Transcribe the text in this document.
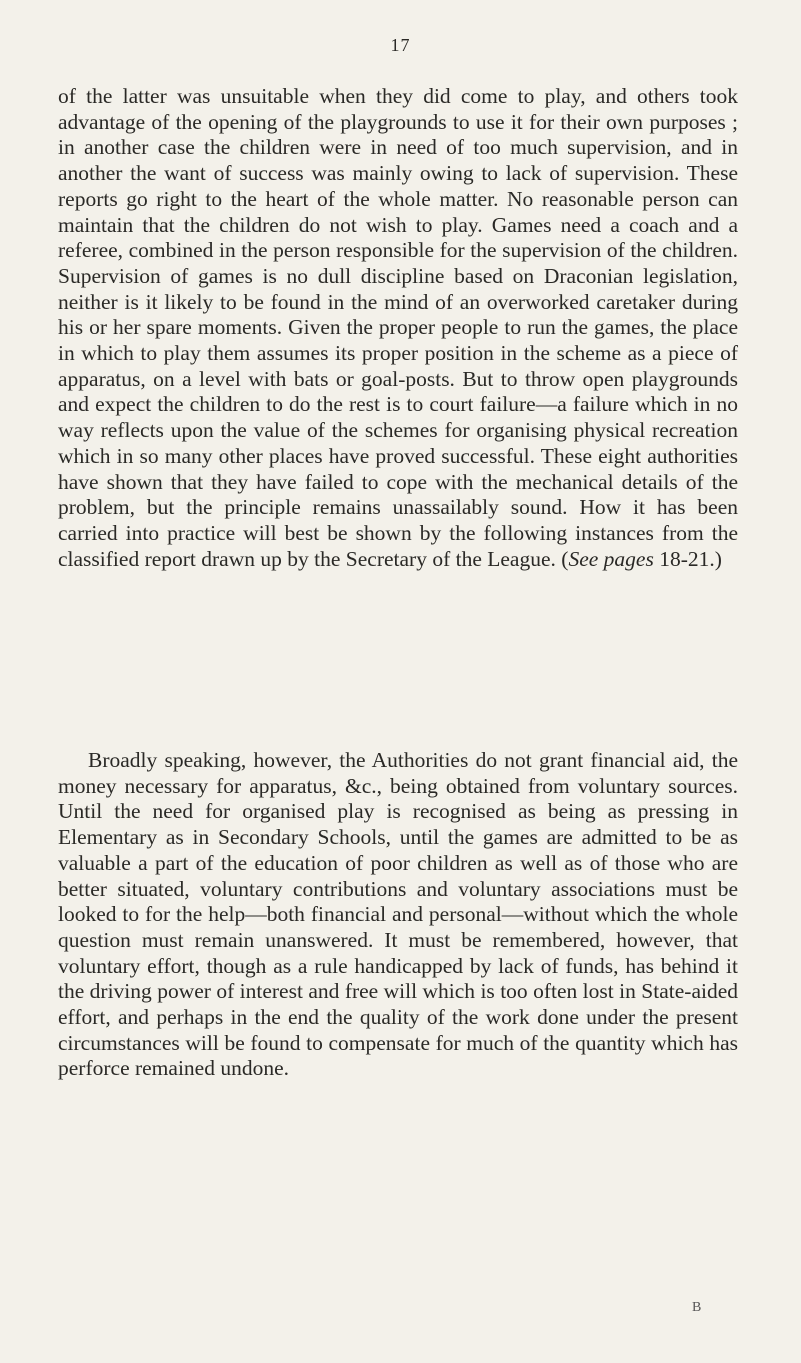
17

of the latter was unsuitable when they did come to play, and others took advantage of the opening of the playgrounds to use it for their own purposes ; in another case the children were in need of too much supervision, and in another the want of success was mainly owing to lack of supervision. These reports go right to the heart of the whole matter. No reasonable person can maintain that the children do not wish to play. Games need a coach and a referee, combined in the person responsible for the supervision of the children. Supervision of games is no dull discipline based on Draconian legislation, neither is it likely to be found in the mind of an overworked caretaker during his or her spare moments. Given the proper people to run the games, the place in which to play them assumes its proper position in the scheme as a piece of apparatus, on a level with bats or goal-posts. But to throw open playgrounds and expect the children to do the rest is to court failure—a failure which in no way reflects upon the value of the schemes for organising physical recreation which in so many other places have proved successful. These eight authorities have shown that they have failed to cope with the mechanical details of the problem, but the principle remains unassailably sound. How it has been carried into practice will best be shown by the following instances from the classified report drawn up by the Secretary of the League. (See pages 18-21.)

Broadly speaking, however, the Authorities do not grant financial aid, the money necessary for apparatus, &c., being obtained from voluntary sources. Until the need for organised play is recognised as being as pressing in Elementary as in Secondary Schools, until the games are admitted to be as valuable a part of the education of poor children as well as of those who are better situated, voluntary contributions and voluntary associations must be looked to for the help—both financial and personal—without which the whole question must remain unanswered. It must be remembered, however, that voluntary effort, though as a rule handicapped by lack of funds, has behind it the driving power of interest and free will which is too often lost in State-aided effort, and perhaps in the end the quality of the work done under the present circumstances will be found to compensate for much of the quantity which has perforce remained undone.

B
